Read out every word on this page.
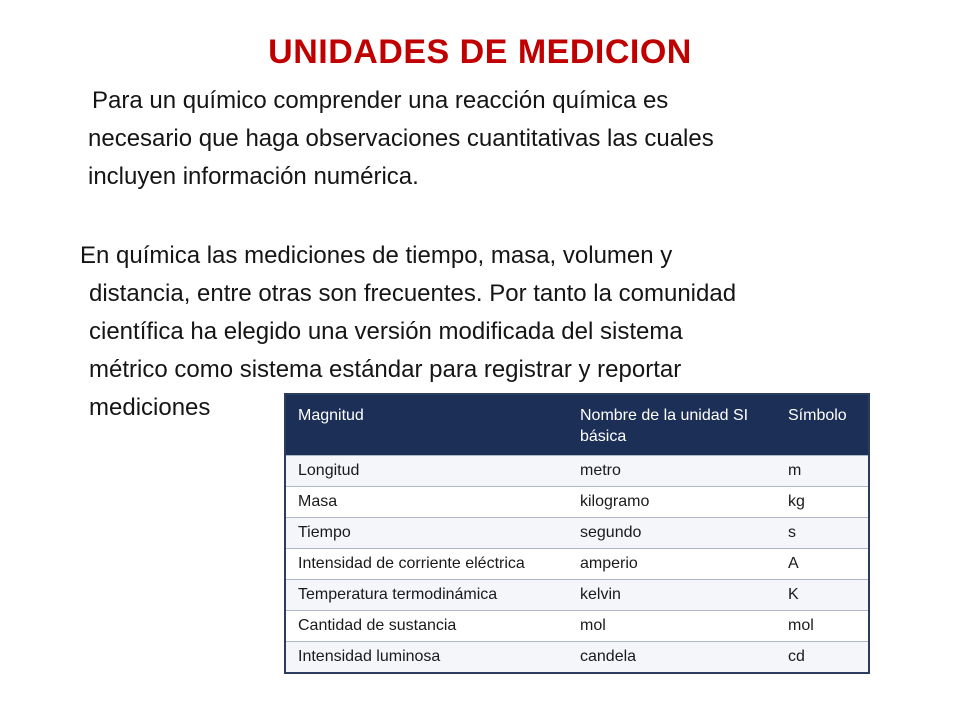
UNIDADES DE MEDICION
Para un químico comprender una reacción química es
necesario que haga observaciones cuantitativas las cuales
incluyen información numérica.
En química las mediciones de tiempo, masa, volumen y
distancia, entre otras son frecuentes. Por tanto la comunidad
científica ha elegido una versión modificada del sistema
métrico como sistema estándar para registrar y reportar
mediciones	Magnitud	Nombre de la unidad SI básica	Símbolo
Longitud	metro	m
Masa	kilogramo	kg
Tiempo	segundo	s
Intensidad de corriente eléctrica	amperio	A
Temperatura termodinámica	kelvin	K
Cantidad de sustancia	mol	mol
Intensidad luminosa	candela	cd
